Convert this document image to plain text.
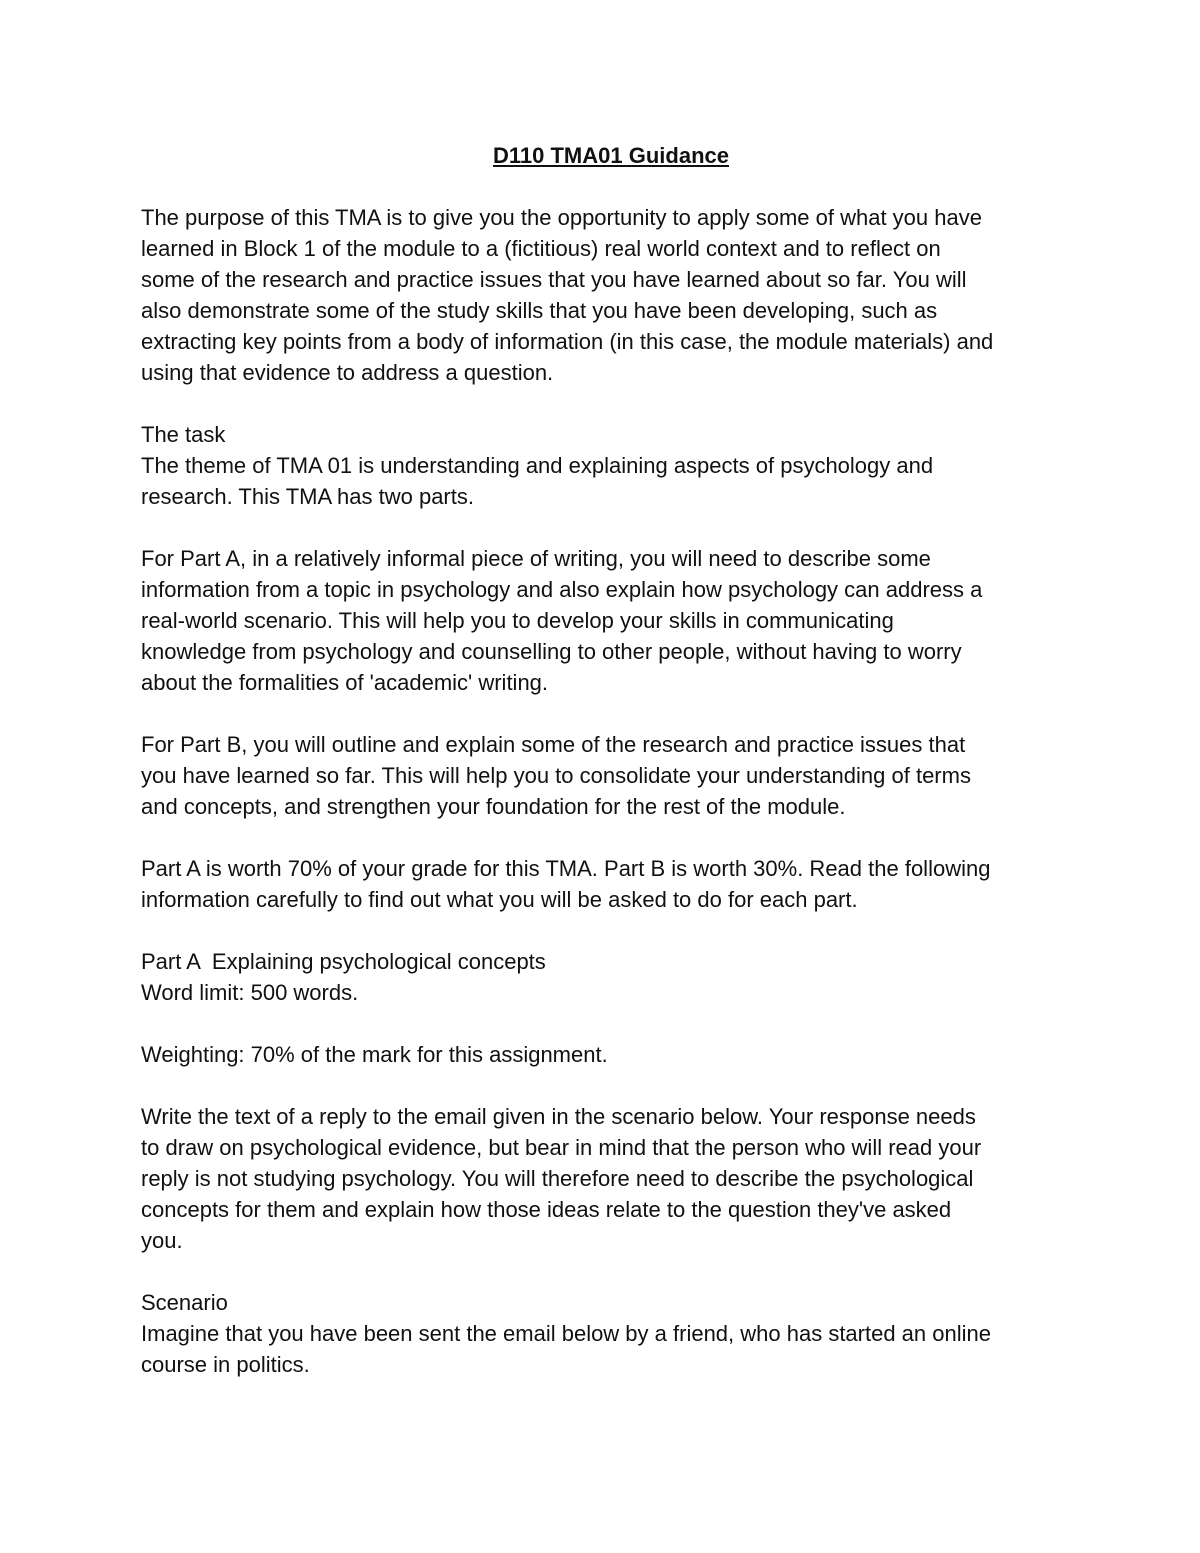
D110 TMA01 Guidance
The purpose of this TMA is to give you the opportunity to apply some of what you have
learned in Block 1 of the module to a (fictitious) real world context and to reflect on
some of the research and practice issues that you have learned about so far. You will
also demonstrate some of the study skills that you have been developing, such as
extracting key points from a body of information (in this case, the module materials) and
using that evidence to address a question.
The task
The theme of TMA 01 is understanding and explaining aspects of psychology and
research. This TMA has two parts.
For Part A, in a relatively informal piece of writing, you will need to describe some
information from a topic in psychology and also explain how psychology can address a
real-world scenario. This will help you to develop your skills in communicating
knowledge from psychology and counselling to other people, without having to worry
about the formalities of 'academic' writing.
For Part B, you will outline and explain some of the research and practice issues that
you have learned so far. This will help you to consolidate your understanding of terms
and concepts, and strengthen your foundation for the rest of the module.
Part A is worth 70% of your grade for this TMA. Part B is worth 30%. Read the following
information carefully to find out what you will be asked to do for each part.
Part A  Explaining psychological concepts
Word limit: 500 words.
Weighting: 70% of the mark for this assignment.
Write the text of a reply to the email given in the scenario below. Your response needs
to draw on psychological evidence, but bear in mind that the person who will read your
reply is not studying psychology. You will therefore need to describe the psychological
concepts for them and explain how those ideas relate to the question they've asked
you.
Scenario
Imagine that you have been sent the email below by a friend, who has started an online
course in politics.
